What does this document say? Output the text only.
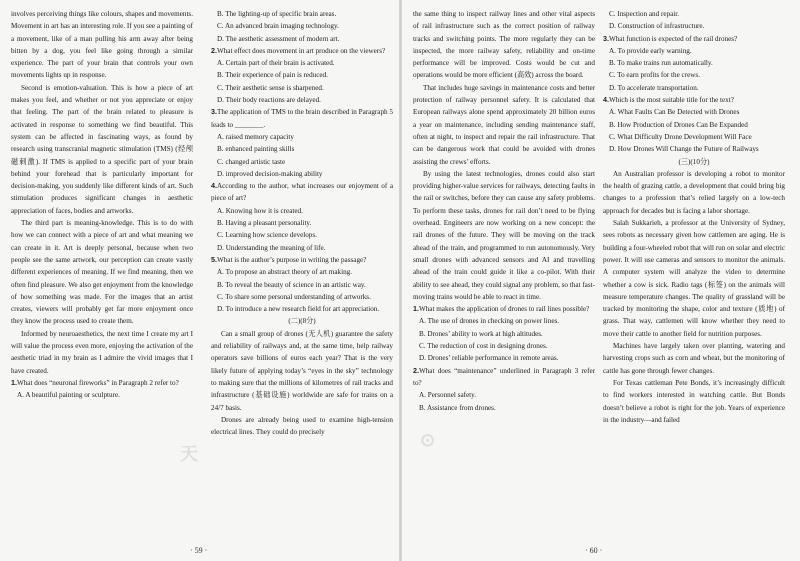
involves perceiving things like colours, shapes and movements. Movement in art has an interesting role. If you see a painting of a movement, like of a man pulling his arm away after being bitten by a dog, you feel like going through a similar experience. The part of your brain that controls your own movements lights up in response.

Second is emotion-valuation. This is how a piece of art makes you feel, and whether or not you appreciate or enjoy that feeling. The part of the brain related to pleasure is activated in response to something we find beautiful. This system can be affected in fascinating ways, as found by research using transcranial magnetic stimulation (TMS) (经颅磁刺激). If TMS is applied to a specific part of your brain behind your forehead that is particularly important for decision-making, you suddenly like different kinds of art. Such stimulation produces significant changes in aesthetic appreciation of faces, bodies and artworks.

The third part is meaning-knowledge. This is to do with how we can connect with a piece of art and what meaning we can create in it. Art is deeply personal, because when two people see the same artwork, our perception can create vastly different experiences of meaning. If we find meaning, then we often find pleasure. We also get enjoyment from the knowledge of how something was made. For the images that an artist creates, viewers will probably get far more enjoyment once they know the process used to create them.

Informed by neuroaesthetics, the next time I create my art I will value the process even more, enjoying the activation of the aesthetic triad in my brain as I admire the vivid images that I have created.

1.What does “neuronal fireworks” in Paragraph 2 refer to?

A. A beautiful painting or sculpture.

B. The lighting-up of specific brain areas.

C. An advanced brain imaging technology.

D. The aesthetic assessment of modern art.

2.What effect does movement in art produce on the viewers?

A. Certain part of their brain is activated.

B. Their experience of pain is reduced.

C. Their aesthetic sense is sharpened.

D. Their body reactions are delayed.

3.The application of TMS to the brain described in Paragraph 5 leads to ________.

A. raised memory capacity

B. enhanced painting skills

C. changed artistic taste

D. improved decision-making ability

4.According to the author, what increases our enjoyment of a piece of art?

A. Knowing how it is created.

B. Having a pleasant personality.

C. Learning how science develops.

D. Understanding the meaning of life.

5.What is the author’s purpose in writing the passage?

A. To propose an abstract theory of art making.

B. To reveal the beauty of science in an artistic way.

C. To share some personal understanding of artworks.

D. To introduce a new research field for art appreciation.

(二)(8分)

Can a small group of drones (无人机) guarantee the safety and reliability of railways and, at the same time, help railway operators save billions of euros each year? That is the very likely future of applying today’s “eyes in the sky” technology to making sure that the millions of kilometres of rail tracks and infrastructure (基础设施) worldwide are safe for trains on a 24/7 basis.

Drones are already being used to examine high-tension electrical lines. They could do precisely

the same thing to inspect railway lines and other vital aspects of rail infrastructure such as the correct position of railway tracks and switching points. The more regularly they can be inspected, the more railway safety, reliability and on-time performance will be improved. Costs would be cut and operations would be more efficient (高效) across the board.

That includes huge savings in maintenance costs and better protection of railway personnel safety. It is calculated that European railways alone spend approximately 20 billion euros a year on maintenance, including sending maintenance staff, often at night, to inspect and repair the rail infrastructure. That can be dangerous work that could be avoided with drones assisting the crews’ efforts.

By using the latest technologies, drones could also start providing higher-value services for railways, detecting faults in the rail or switches, before they can cause any safety problems. To perform these tasks, drones for rail don’t need to be flying overhead. Engineers are now working on a new concept: the rail drones of the future. They will be moving on the track ahead of the train, and programmed to run autonomously. Very small drones with advanced sensors and AI and travelling ahead of the train could guide it like a co-pilot. With their ability to see ahead, they could signal any problem, so that fast-moving trains would be able to react in time.

1.What makes the application of drones to rail lines possible?

A. The use of drones in checking on power lines.

B. Drones’ ability to work at high altitudes.

C. The reduction of cost in designing drones.

D. Drones’ reliable performance in remote areas.

2.What does “maintenance” underlined in Paragraph 3 refer to?

A. Personnel safety.

B. Assistance from drones.

C. Inspection and repair.

D. Construction of infrastructure.

3.What function is expected of the rail drones?

A. To provide early warning.

B. To make trains run automatically.

C. To earn profits for the crews.

D. To accelerate transportation.

4.Which is the most suitable title for the text?

A. What Faults Can Be Detected with Drones

B. How Production of Drones Can Be Expanded

C. What Difficulty Drone Development Will Face

D. How Drones Will Change the Future of Railways

(三)(10分)

An Australian professor is developing a robot to monitor the health of grazing cattle, a development that could bring big changes to a profession that’s relied largely on a low-tech approach for decades but is facing a labor shortage.

Salah Sukkarieh, a professor at the University of Sydney, sees robots as necessary given how cattlemen are aging. He is building a four-wheeled robot that will run on solar and electric power. It will use cameras and sensors to monitor the animals. A computer system will analyze the video to determine whether a cow is sick. Radio tags (标签) on the animals will measure temperature changes. The quality of grassland will be tracked by monitoring the shape, color and texture (质地) of grass. That way, cattlemen will know whether they need to move their cattle to another field for nutrition purposes.

Machines have largely taken over planting, watering and harvesting crops such as corn and wheat, but the monitoring of cattle has gone through fewer changes.

For Texas cattleman Pete Bonds, it’s increasingly difficult to find workers interested in watching cattle. But Bonds doesn’t believe a robot is right for the job. Years of experience in the industry—and failed

· 59 ·	· 60 ·
天
⊙
